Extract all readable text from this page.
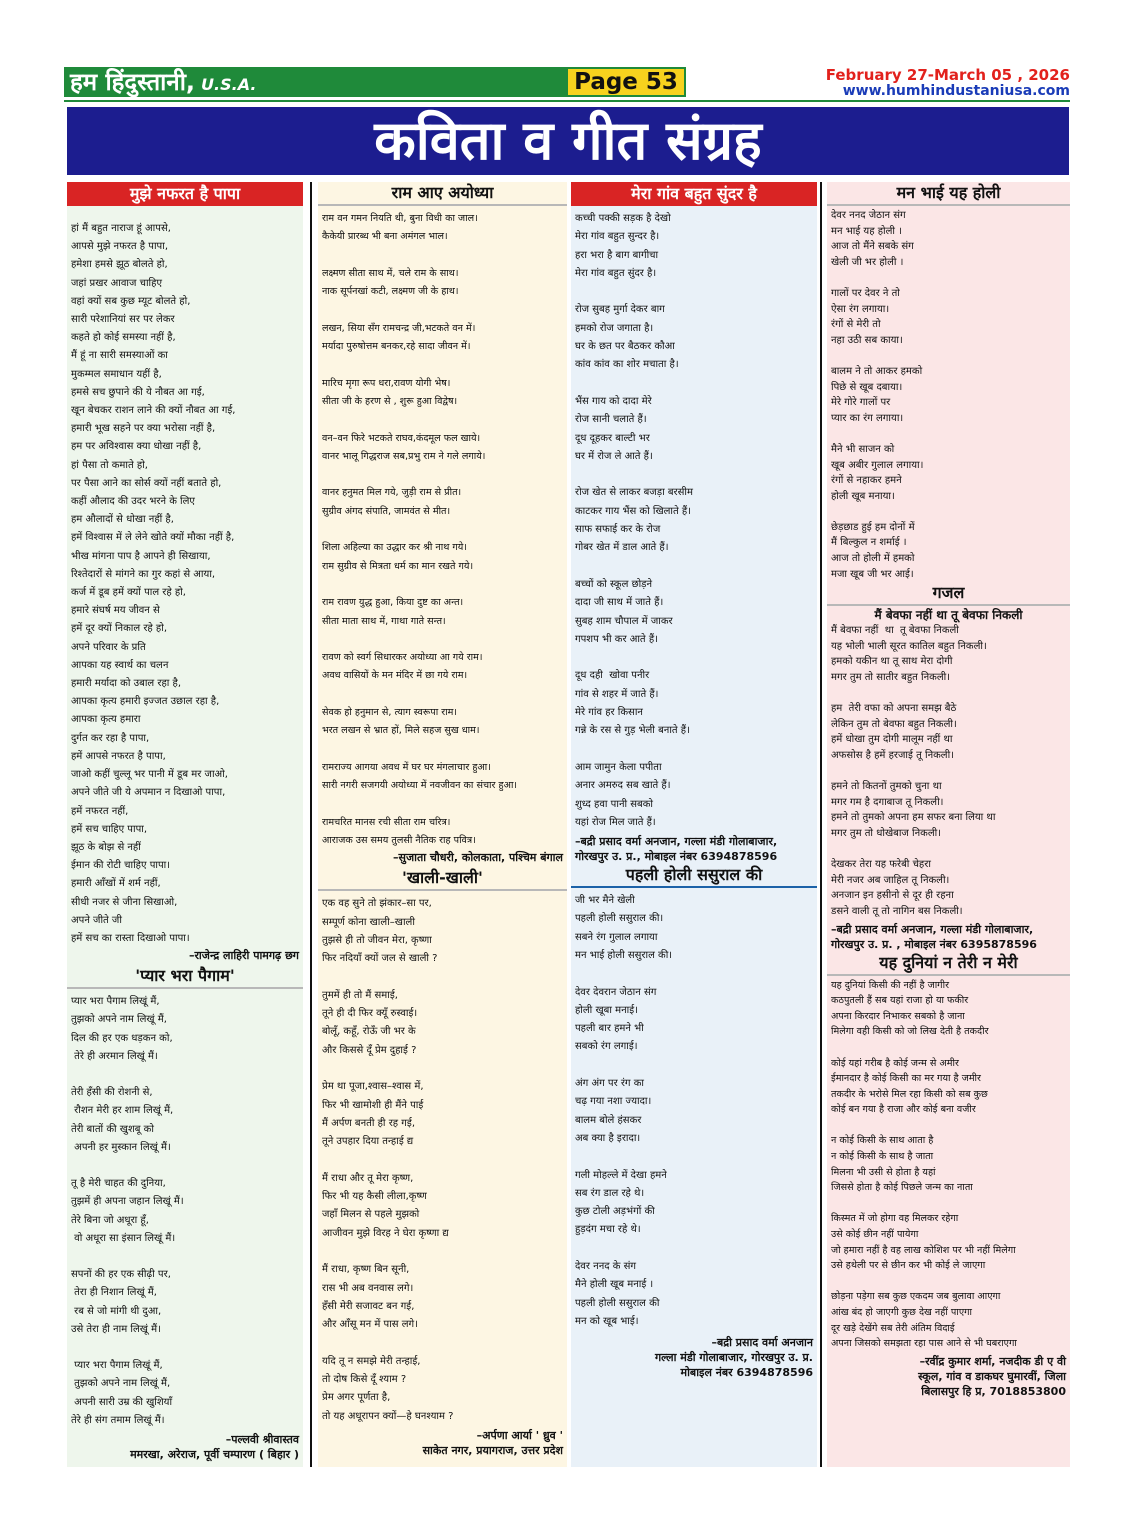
हम हिंदुस्तानी, U.S.A.	Page 53	February 27-March 05 , 2026
www.humhindustaniusa.com
कविता व गीत संग्रह
मुझे नफरत है पापा
हां मैं बहुत नाराज हूं आपसे,
आपसे मुझे नफरत है पापा,
हमेशा हमसे झूठ बोलते हो,
जहां प्रखर आवाज चाहिए
वहां क्यों सब कुछ म्यूट बोलते हो,
सारी परेशानियां सर पर लेकर
कहते हो कोई समस्या नहीं है,
मैं हूं ना सारी समस्याओं का
मुकम्मल समाधान यहीं है,
हमसे सच छुपाने की ये नौबत आ गई,
खून बेचकर राशन लाने की क्यों नौबत आ गई,
हमारी भूख सहने पर क्या भरोसा नहीं है,
हम पर अविश्वास क्या धोखा नहीं है,
हां पैसा तो कमाते हो,
पर पैसा आने का सोर्स क्यों नहीं बताते हो,
कहीं औलाद की उदर भरने के लिए
हम औलादों से धोखा नहीं है,
हमें विश्वास में ले लेने खोते क्यों मौका नहीं है,
भीख मांगना पाप है आपने ही सिखाया,
रिश्तेदारों से मांगने का गुर कहां से आया,
कर्ज में डूब हमें क्यों पाल रहे हो,
हमारे संघर्ष मय जीवन से
हमें दूर क्यों निकाल रहे हो,
अपने परिवार के प्रति
आपका यह स्वार्थ का चलन
हमारी मर्यादा को उबाल रहा है,
आपका कृत्य हमारी इज्जत उछाल रहा है,
आपका कृत्य हमारा
दुर्गत कर रहा है पापा,
हमें आपसे नफरत है पापा,
जाओ कहीं चुल्लू भर पानी में डूब मर जाओ,
अपने जीते जी ये अपमान न दिखाओ पापा,
हमें नफरत नहीं,
हमें सच चाहिए पापा,
झूठ के बोझ से नहीं
ईमान की रोटी चाहिए पापा।
हमारी आँखों में शर्म नहीं,
सीधी नजर से जीना सिखाओ,
अपने जीते जी
हमें सच का रास्ता दिखाओ पापा।
–राजेन्द्र लाहिरी पामगढ़ छग
'प्यार भरा पैगाम'
प्यार भरा पैगाम लिखूं मैं,
तुझको अपने नाम लिखूं मैं,
दिल की हर एक धड़कन को,
तेरे ही अरमान लिखूं मैं।

तेरी हँसी की रोशनी से,
रौशन मेरी हर शाम लिखूं मैं,
तेरी बातों की खुशबू को
अपनी हर मुस्कान लिखूं मैं।

तू है मेरी चाहत की दुनिया,
तुझमें ही अपना जहान लिखूं मैं।
तेरे बिना जो अधूरा हूँ,
वो अधूरा सा इंसान लिखूं मैं।

सपनों की हर एक सीढ़ी पर,
तेरा ही निशान लिखूं मैं,
रब से जो मांगी थी दुआ,
उसे तेरा ही नाम लिखूं मैं।

प्यार भरा पैगाम लिखूं मैं,
तुझको अपने नाम लिखूं मैं,
अपनी सारी उम्र की खुशियाँ
तेरे ही संग तमाम लिखूं मैं।
–पल्लवी श्रीवास्तव
ममरखा, अरेराज, पूर्वी चम्पारण ( बिहार )
राम आए अयोध्या
राम वन गमन नियति थी, बुना विधी का जाल।
कैकेयी प्रारब्ध भी बना अमंगल भाल।

लक्ष्मण सीता साथ में, चले राम के साथ।
नाक सूर्पनखां कटी, लक्ष्मण जी के हाथ।

लखन, सिया सँग रामचन्द्र जी,भटकते वन में।
मर्यादा पुरुषोत्तम बनकर,रहे सादा जीवन में।

मारिच मृगा रूप धरा,रावण योगी भेष।
सीता जी के हरण से , शुरू हुआ विद्वेष।

वन–वन फिरे भटकते राघव,कंदमूल फल खाये।
वानर भालू गिद्धराज सब,प्रभु राम ने गले लगाये।

वानर हनुमत मिल गये, जुड़ी राम से प्रीत।
सुग्रीव अंगद संपाति, जामवंत से मीत।

शिला अहिल्या का उद्धार कर श्री नाथ गये।
राम सुग्रीव से मित्रता धर्म का मान रखते गये।

राम रावण युद्ध हुआ, किया दुष्ट का अन्त।
सीता माता साथ में, गाथा गाते सन्त।

रावण को स्वर्ग सिधारकर अयोध्या आ गये राम।
अवध वासियों के मन मंदिर में छा गये राम।

सेवक हो हनुमान से, त्याग स्वरूपा राम।
भरत लखन से भ्रात हों, मिले सहज सुख धाम।

रामराज्य आगया अवध में घर घर मंगलाचार हुआ।
सारी नगरी सजगयी अयोध्या में नवजीवन का संचार हुआ।

रामचरित मानस रची सीता राम चरित्र।
आराजक उस समय तुलसी नैतिक राह पवित्र।
–सुजाता चौधरी, कोलकाता, पश्चिम बंगाल
'खाली-खाली'
एक वह सुने तो झंकार–सा पर,
सम्पूर्ण कोना खाली–खाली
तुझसे ही तो जीवन मेरा, कृष्णा
फिर नदियाँ क्यों जल से खाली ?

तुममें ही तो मैं समाई,
तूने ही दी फिर क्यूँ रुस्वाई।
बोलूँ, कहूँ, रोऊँ जी भर के
और किससे दूँ प्रेम दुहाई ?

प्रेम था पूजा,श्वास–श्वास में,
फिर भी खामोशी ही मैंने पाई
मैं अर्पण बनती ही रह गई,
तूने उपहार दिया तन्हाई द्य

मैं राधा और तू मेरा कृष्ण,
फिर भी यह कैसी लीला,कृष्ण
जहाँ मिलन से पहले मुझको
आजीवन मुझे विरह ने घेरा कृष्णा द्य

मैं राधा, कृष्ण बिन सूनी,
रास भी अब वनवास लगे।
हँसी मेरी सजावट बन गई,
और आँसू मन में पास लगे।

यदि तू न समझे मेरी तन्हाई,
तो दोष किसे दूँ श्याम ?
प्रेम अगर पूर्णता है,
तो यह अधूरापन क्यों—हे घनश्याम ?
–अर्पणा आर्या ' ध्रुव '
साकेत नगर, प्रयागराज, उत्तर प्रदेश
मेरा गांव बहुत सुंदर है
कच्ची पक्की सड़क है देखो
मेरा गांव बहुत सुन्दर है।
हरा भरा है बाग बागीचा
मेरा गांव बहुत सुंदर है।

रोज सुबह मुर्गा देकर बाग
हमको रोज जगाता है।
घर के छत पर बैठकर कौआ
कांव कांव का शोर मचाता है।

भैंस गाय को दादा मेरे
रोज सानी चलाते हैं।
दूध दूहकर बाल्टी भर
घर में रोज ले आते हैं।

रोज खेत से लाकर बजड़ा बरसीम
काटकर गाय भैंस को खिलाते हैं।
साफ सफाई कर के रोज
गोबर खेत में डाल आते हैं।

बच्चों को स्कूल छोड़ने
दादा जी साथ में जाते हैं।
सुबह शाम चौपाल में जाकर
गपशप भी कर आते हैं।

दूध दही  खोवा पनीर
गांव से शहर में जाते हैं।
मेरे गांव हर किसान
गन्ने के रस से गुड़ भेली बनाते हैं।

आम जामुन केला पपीता
अनार अमरुद सब खाते हैं।
शुध्द हवा पानी सबको
यहां रोज मिल जाते हैं।
–बद्री प्रसाद वर्मा अनजान, गल्ला मंडी गोलाबाजार,
गोरखपुर उ. प्र., मोबाइल नंबर 6394878596
पहली होली ससुराल की
जी भर मैने खेली
पहली होली ससुराल की।
सबने रंग गुलाल लगाया
मन भाई होली ससुराल की।

देवर देवरान जेठान संग
होली खूबा मनाई।
पहली बार हमने भी
सबको रंग लगाई।

अंग अंग पर रंग का
चढ़ गया नशा ज्यादा।
बालम बोले हंसकर
अब क्या है इरादा।

गली मोहल्ले में देखा हमने
सब रंग डाल रहे थे।
कुछ टोली अड़भंगों की
हुड़दंग मचा रहे थे।

देवर ननद के संग
मैने होली खूब मनाई ।
पहली होली ससुराल की
मन को खूब भाई।
–बद्री प्रसाद वर्मा अनजान
गल्ला मंडी गोलाबाजार, गोरखपुर उ. प्र.
मोबाइल नंबर 6394878596
मन भाई यह होली
देवर ननद जेठान संग
मन भाई यह होली ।
आज तो मैंने सबके संग
खेली जी भर होली ।

गालों पर देवर ने तो
ऐसा रंग लगाया।
रंगों से मेरी तो
नहा उठी सब काया।

बालम ने तो आकर हमको
पिछे से खूब दबाया।
मेरे गोरे गालों पर
प्यार का रंग लगाया।

मैने भी साजन को
खूब अबीर गुलाल लगाया।
रंगों से नहाकर हमने
होली खूब मनाया।

छेड़छाड हुई हम दोनों में
मैं बिल्कुल न शर्माई ।
आज तो होली में हमको
मजा खूब जी भर आई।
गजल
मैं बेवफा नहीं था तू बेवफा निकली
मैं बेवफा नहीं  था  तू बेवफा निकली
यह भोली भाली सूरत कातिल बहुत निकली।
हमको यकीन था तू साथ मेरा दोगी
मगर तुम तो सातीर बहुत निकली।

हम  तेरी वफा को अपना समझ बैठे
लेकिन तुम तो बेवफा बहुत निकली।
हमें धोखा तुम दोगी मालूम नहीं था
अफसोस है हमें हरजाई तू निकली।

हमने तो कितनों तुमको चुना था
मगर गम है दगाबाज तू निकली।
हमने तो तुमको अपना हम सफर बना लिया था
मगर तुम तो धोखेबाज निकली।

देखकर तेरा यह फरेबी चेहरा
मेरी नजर अब जाहिल तू निकली।
अनजान इन हसीनो से दूर ही रहना
डसने वाली तू तो नागिन बस निकली।
–बद्री प्रसाद वर्मा अनजान, गल्ला मंडी गोलाबाजार,
गोरखपुर उ. प्र. , मोबाइल नंबर 6395878596
यह दुनियां न तेरी न मेरी
यह दुनियां किसी की नहीं है जागीर
कठपुतली हैं सब यहां राजा हो या फकीर
अपना किरदार निभाकर सबको है जाना
मिलेगा वही किसी को जो लिख देती है तकदीर

कोई यहां गरीब है कोई जन्म से अमीर
ईमानदार है कोई किसी का मर गया है जमीर
तकदीर के भरोसे मिल रहा किसी को सब कुछ
कोई बन गया है राजा और कोई बना वजीर

न कोई किसी के साथ आता है
न कोई किसी के साथ है जाता
मिलना भी उसी से होता है यहां
जिससे होता है कोई पिछले जन्म का नाता

किस्मत में जो होगा वह मिलकर रहेगा
उसे कोई छीन नहीं पायेगा
जो हमारा नहीं है वह लाख कोशिश पर भी नहीं मिलेगा
उसे हथेली पर से छीन कर भी कोई ले जाएगा

छोड़ना पड़ेगा सब कुछ एकदम जब बुलावा आएगा
आंख बंद हो जाएगी कुछ देख नहीं पाएगा
दूर खड़े देखेंगे सब तेरी अंतिम विदाई
अपना जिसको समझता रहा पास आने से भी घबराएगा
–रवींद्र कुमार शर्मा, नजदीक डी ए वी
स्कूल, गांव व डाकघर घुमारवीं, जिला
बिलासपुर हि प्र, 7018853800
